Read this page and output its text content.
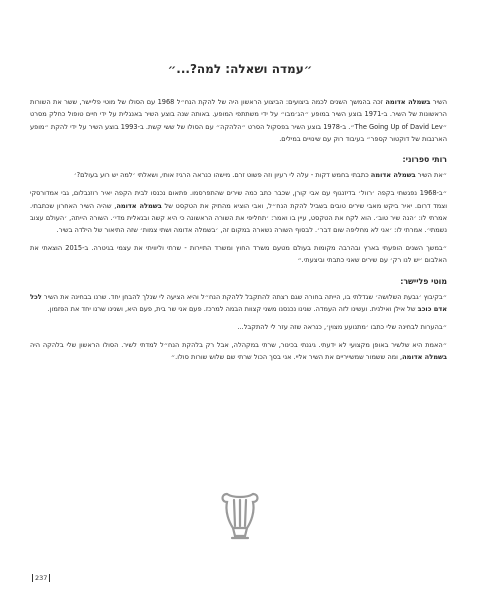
״עמדה ושאלה: למה?...״

השיר בשמלה אדומה זכה בהמשך השנים לכמה ביצועים: הביצוע הראשון היה של להקת הנח״ל 1968 עם הסולו של מוטי פליישר, ששר את השורות הראשונות של השיר. ב-1971 בוצע השיר במופע ״הג׳מבו״ על ידי משתתפי המופע. באותה שנה בוצע השיר באנגלית על ידי חיים טופול כחלק מסרט ״The Going Up of David Lev״. ב-1978 בוצע השיר בפסקול הסרט ״הלהקה״ עם הסולו של ששי קשת. ב-1993 בוצע השיר על ידי להקת ״מופע הארנבות של דוקטור קספר״ בעיבוד רוק עם שינויים במילים.

רותי ספרוני:

״את השיר בשמלה אדומה כתבתי בחמש דקות - עלה לי רעיון וזה פשוט זרם. מישהו כנראה הרגיז אותי, ושאלתי ׳למה יש רוע בעולם?׳

״ב-1968 נפגשתי בקפה ׳רוול׳ בדיזנגוף עם אבי קורן, שכבר כתב כמה שירים שהתפרסמו. פתאום נכנסו לבית הקפה יאיר רוזנבלום, גבי אמדורסקי וצמד דרום. יאיר ביקש מאבי שירים טובים בשביל להקת הנח״ל, ואבי הוציא מהתיק את הטקסט של בשמלה אדומה, שהיה השיר האחרון שכתבתי. אמרתי לו: ׳הנה שיר טוב׳. הוא לקח את הטקסט, עיין בו ואמר: ׳תחליפי את השורה הראשונה כי היא קשה ובנאלית מדי׳. השורה הייתה, ׳העולם עצוב נשמתי׳. אמרתי לו: ׳אני לא מחליפה שום דבר׳. לבסוף השורה נשארה במקום זה, ׳בשמלה אדומה ושתי צמות׳ שזה התיאור של הילדה בשיר.

״במשך השנים הופעתי בארץ ובהרבה מקומות בעולם מטעם משרד החוץ ומשרד התיירות - שרתי וליוויתי את עצמי בגיטרה. ב-2015 הוצאתי את האלבום ׳יש לנו רק׳ עם שירים שאני כתבתי וביצעתי.״

מוטי פליישר:

״בקיבוץ ׳גבעת השלושה׳ שגדלתי בו, הייתה בחורה שגם רצתה להתקבל ללהקת הנח״ל והיא הציעה לי שנלך להבחן יחד. שרנו בבחינה את השיר לכל אדם כוכב של אילן ואילנית. ועשינו לזה העמדה. שנינו נכנסנו משני קצוות הבמה למרכז. פעם אני שר בית, פעם היא, ושנינו שרנו יחד את הפזמון.

״בהערות לבחינה שלי כתבו ׳מתנועע מצוין׳, כנראה שזה עזר לי להתקבל...

״האמת היא שלשיר באופן מקצועי לא ידעתי. גיגנתי בכינור, שרתי במקהלה, אבל רק בלהקת הנח״ל למדתי לשיר. הסולו הראשון שלי בלהקה היה בשמלה אדומה, ומה ששמור שמשייריים את השיר אליי. אני בסך הכול שרתי שם שלוש שורות סולו.״

237
